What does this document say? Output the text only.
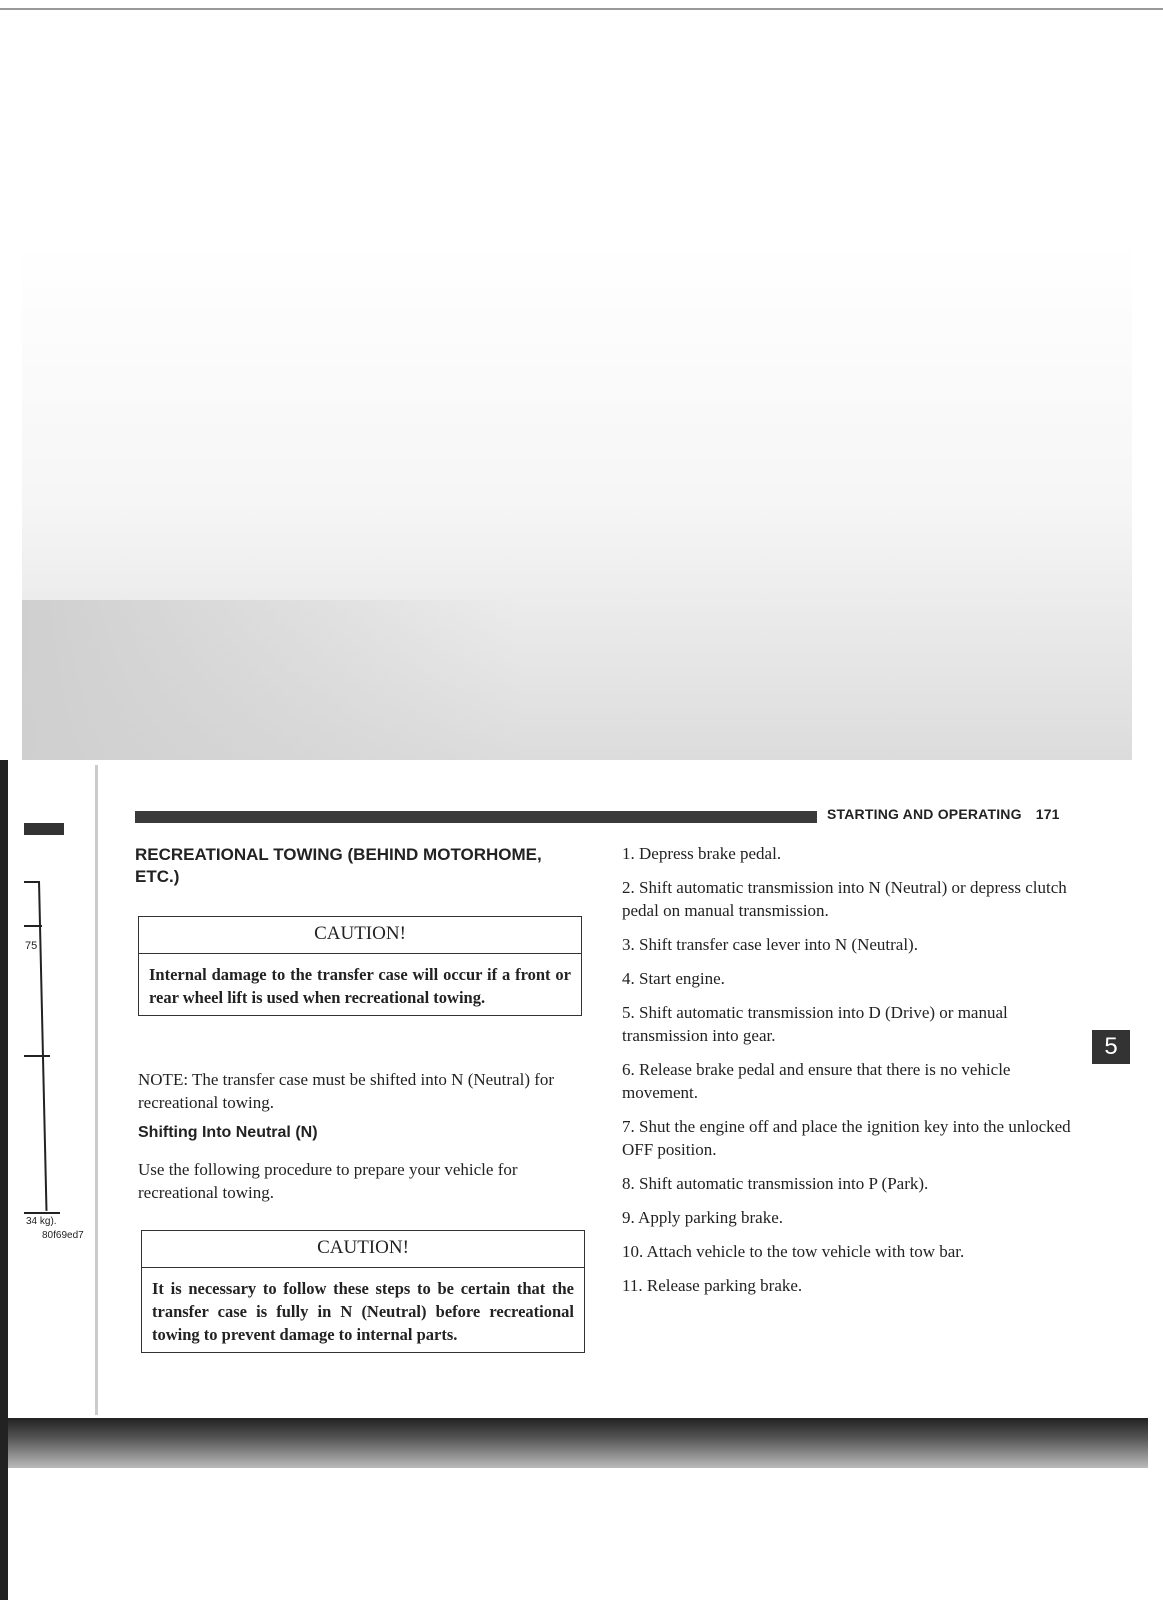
75
34 kg).
80f69ed7
STARTING AND OPERATING 171
RECREATIONAL TOWING (BEHIND MOTORHOME, ETC.)
CAUTION!
Internal damage to the transfer case will occur if a front or rear wheel lift is used when recreational towing.
NOTE: The transfer case must be shifted into N (Neutral) for recreational towing.
Shifting Into Neutral (N)
Use the following procedure to prepare your vehicle for recreational towing.
CAUTION!
It is necessary to follow these steps to be certain that the transfer case is fully in N (Neutral) before recreational towing to prevent damage to internal parts.
1. Depress brake pedal.
2. Shift automatic transmission into N (Neutral) or depress clutch pedal on manual transmission.
3. Shift transfer case lever into N (Neutral).
4. Start engine.
5. Shift automatic transmission into D (Drive) or manual transmission into gear.
6. Release brake pedal and ensure that there is no vehicle movement.
7. Shut the engine off and place the ignition key into the unlocked OFF position.
8. Shift automatic transmission into P (Park).
9. Apply parking brake.
10. Attach vehicle to the tow vehicle with tow bar.
11. Release parking brake.
5
